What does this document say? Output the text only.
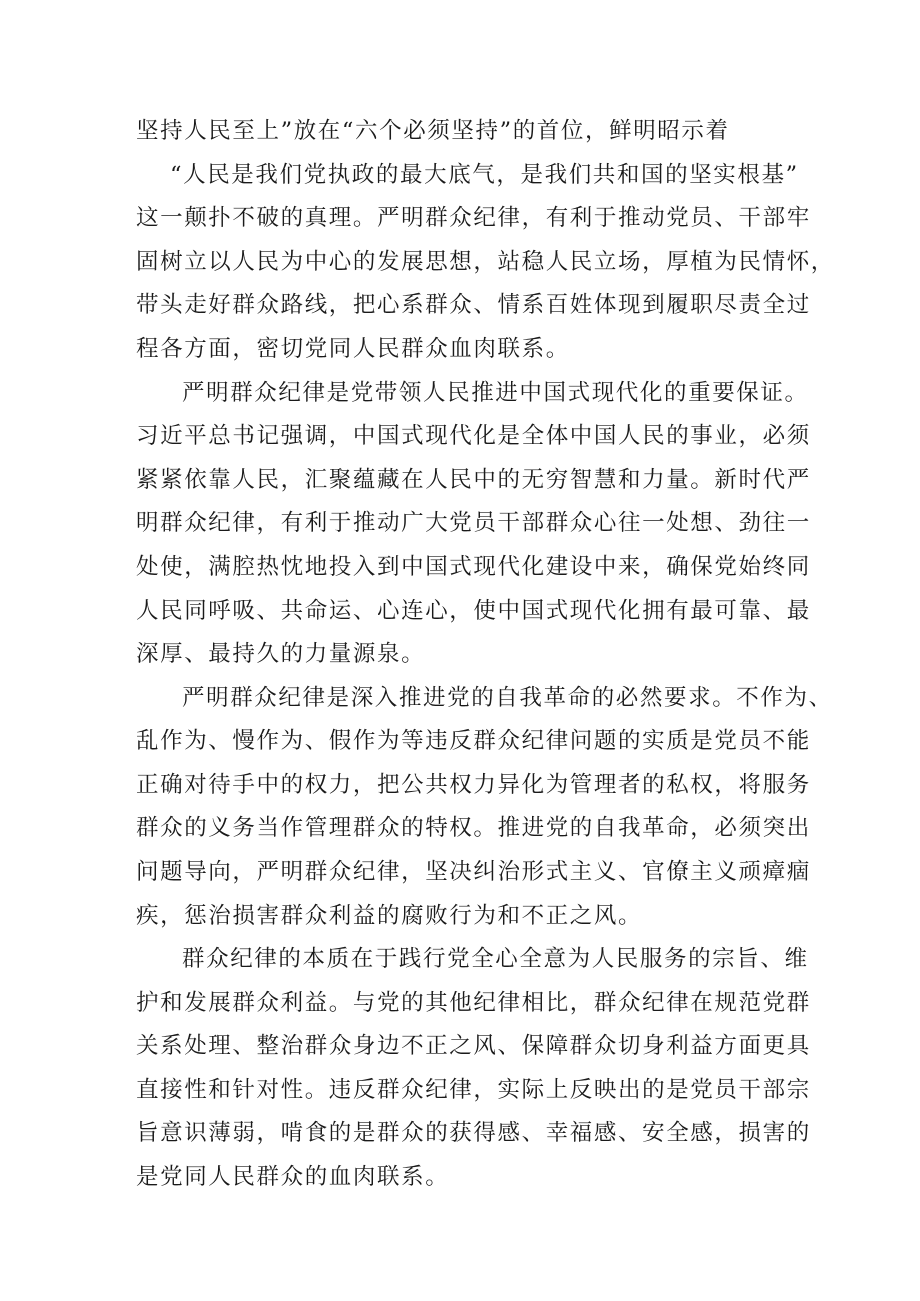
坚持人民至上”放在“六个必须坚持”的首位，鲜明昭示着

“人民是我们党执政的最大底气，是我们共和国的坚实根基”

这一颠扑不破的真理。严明群众纪律，有利于推动党员、干部牢

固树立以人民为中心的发展思想，站稳人民立场，厚植为民情怀，

带头走好群众路线，把心系群众、情系百姓体现到履职尽责全过

程各方面，密切党同人民群众血肉联系。

严明群众纪律是党带领人民推进中国式现代化的重要保证。

习近平总书记强调，中国式现代化是全体中国人民的事业，必须

紧紧依靠人民，汇聚蕴藏在人民中的无穷智慧和力量。新时代严

明群众纪律，有利于推动广大党员干部群众心往一处想、劲往一

处使，满腔热忱地投入到中国式现代化建设中来，确保党始终同

人民同呼吸、共命运、心连心，使中国式现代化拥有最可靠、最

深厚、最持久的力量源泉。

严明群众纪律是深入推进党的自我革命的必然要求。不作为、

乱作为、慢作为、假作为等违反群众纪律问题的实质是党员不能

正确对待手中的权力，把公共权力异化为管理者的私权，将服务

群众的义务当作管理群众的特权。推进党的自我革命，必须突出

问题导向，严明群众纪律，坚决纠治形式主义、官僚主义顽瘴痼

疾，惩治损害群众利益的腐败行为和不正之风。

群众纪律的本质在于践行党全心全意为人民服务的宗旨、维

护和发展群众利益。与党的其他纪律相比，群众纪律在规范党群

关系处理、整治群众身边不正之风、保障群众切身利益方面更具

直接性和针对性。违反群众纪律，实际上反映出的是党员干部宗

旨意识薄弱，啃食的是群众的获得感、幸福感、安全感，损害的

是党同人民群众的血肉联系。
